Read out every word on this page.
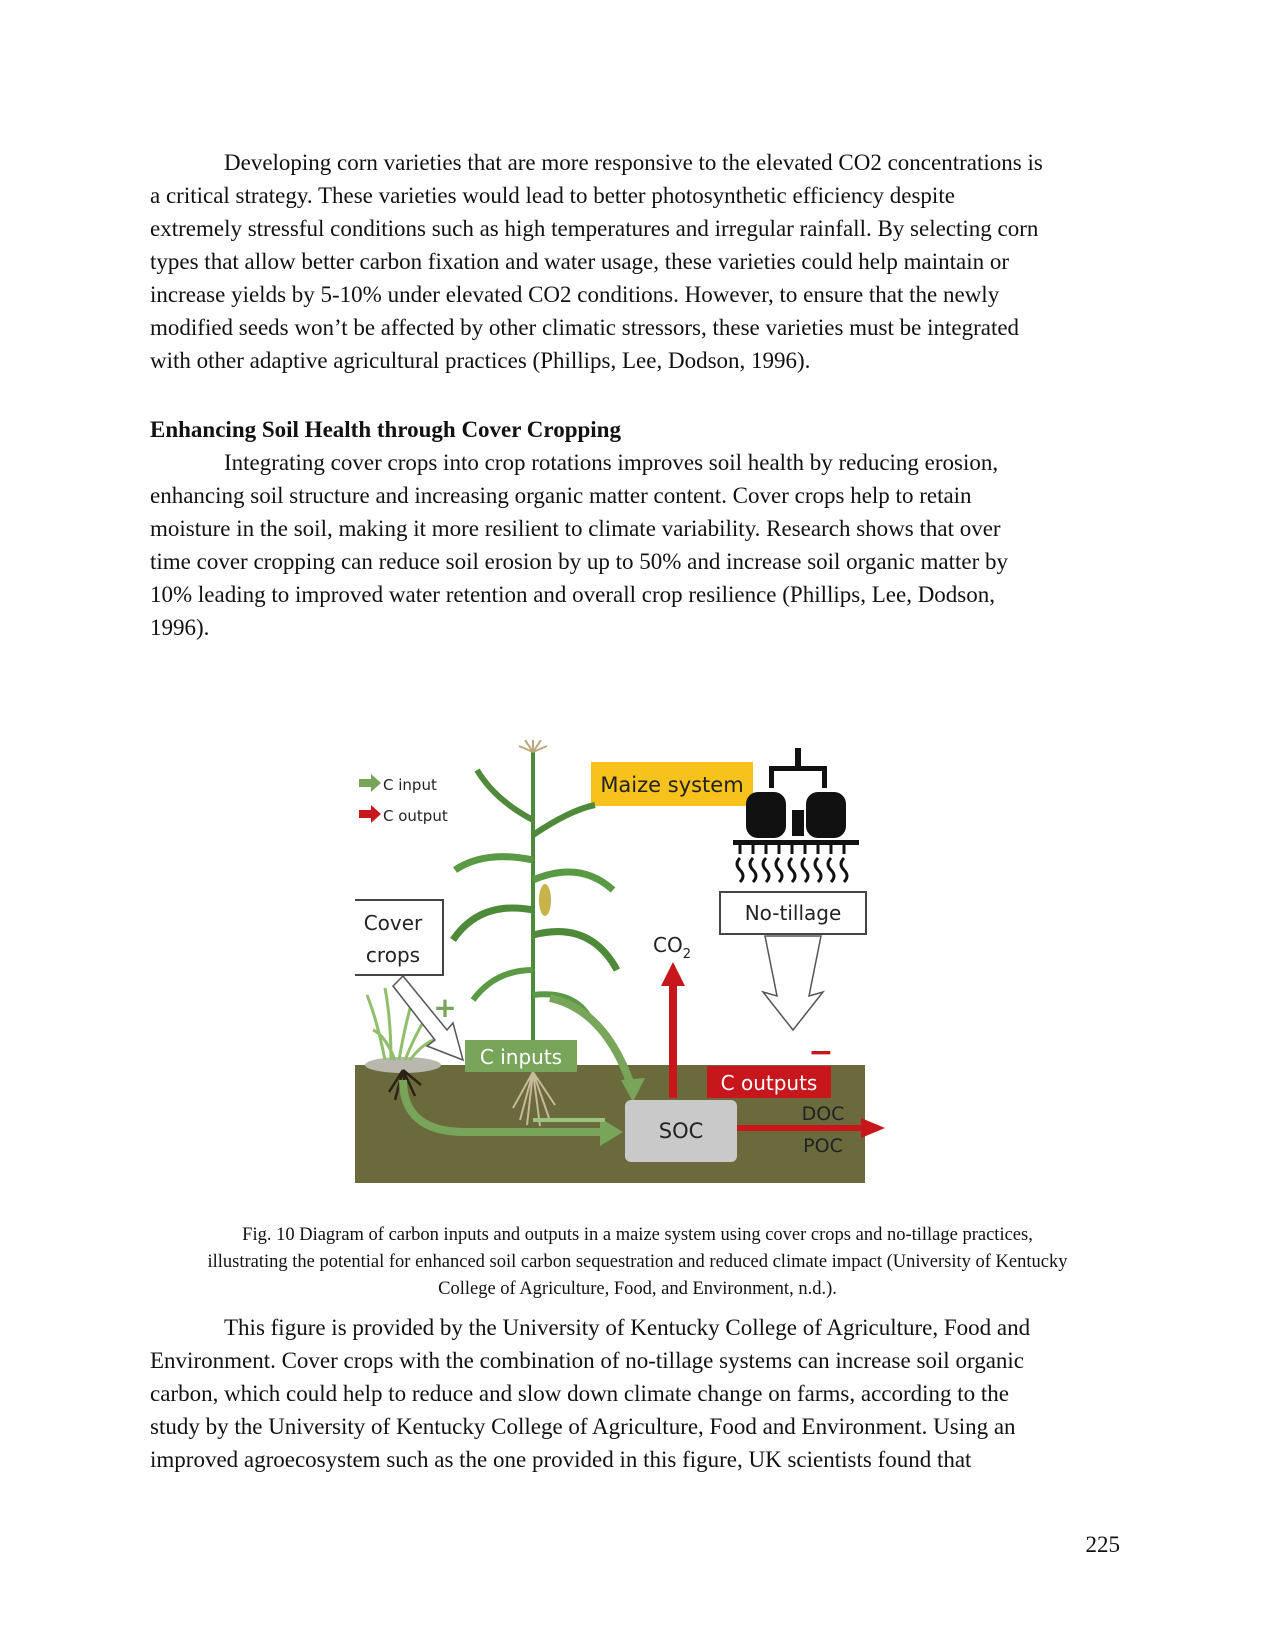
Developing corn varieties that are more responsive to the elevated CO2 concentrations is
a critical strategy. These varieties would lead to better photosynthetic efficiency despite
extremely stressful conditions such as high temperatures and irregular rainfall. By selecting corn
types that allow better carbon fixation and water usage, these varieties could help maintain or
increase yields by 5-10% under elevated CO2 conditions. However, to ensure that the newly
modified seeds won’t be affected by other climatic stressors, these varieties must be integrated
with other adaptive agricultural practices (Phillips, Lee, Dodson, 1996).

Enhancing Soil Health through Cover Cropping

Integrating cover crops into crop rotations improves soil health by reducing erosion,
enhancing soil structure and increasing organic matter content. Cover crops help to retain
moisture in the soil, making it more resilient to climate variability. Research shows that over
time cover cropping can reduce soil erosion by up to 50% and increase soil organic matter by
10% leading to improved water retention and overall crop resilience (Phillips, Lee, Dodson,
1996).

C input
C output
Maize system
Cover
crops
+
C inputs
SOC
$CO_2$
DOC
POC
C outputs
−
No-tillage

Fig. 10 Diagram of carbon inputs and outputs in a maize system using cover crops and no-tillage practices,
illustrating the potential for enhanced soil carbon sequestration and reduced climate impact (University of Kentucky
College of Agriculture, Food, and Environment, n.d.).

This figure is provided by the University of Kentucky College of Agriculture, Food and
Environment. Cover crops with the combination of no-tillage systems can increase soil organic
carbon, which could help to reduce and slow down climate change on farms, according to the
study by the University of Kentucky College of Agriculture, Food and Environment. Using an
improved agroecosystem such as the one provided in this figure, UK scientists found that

225
